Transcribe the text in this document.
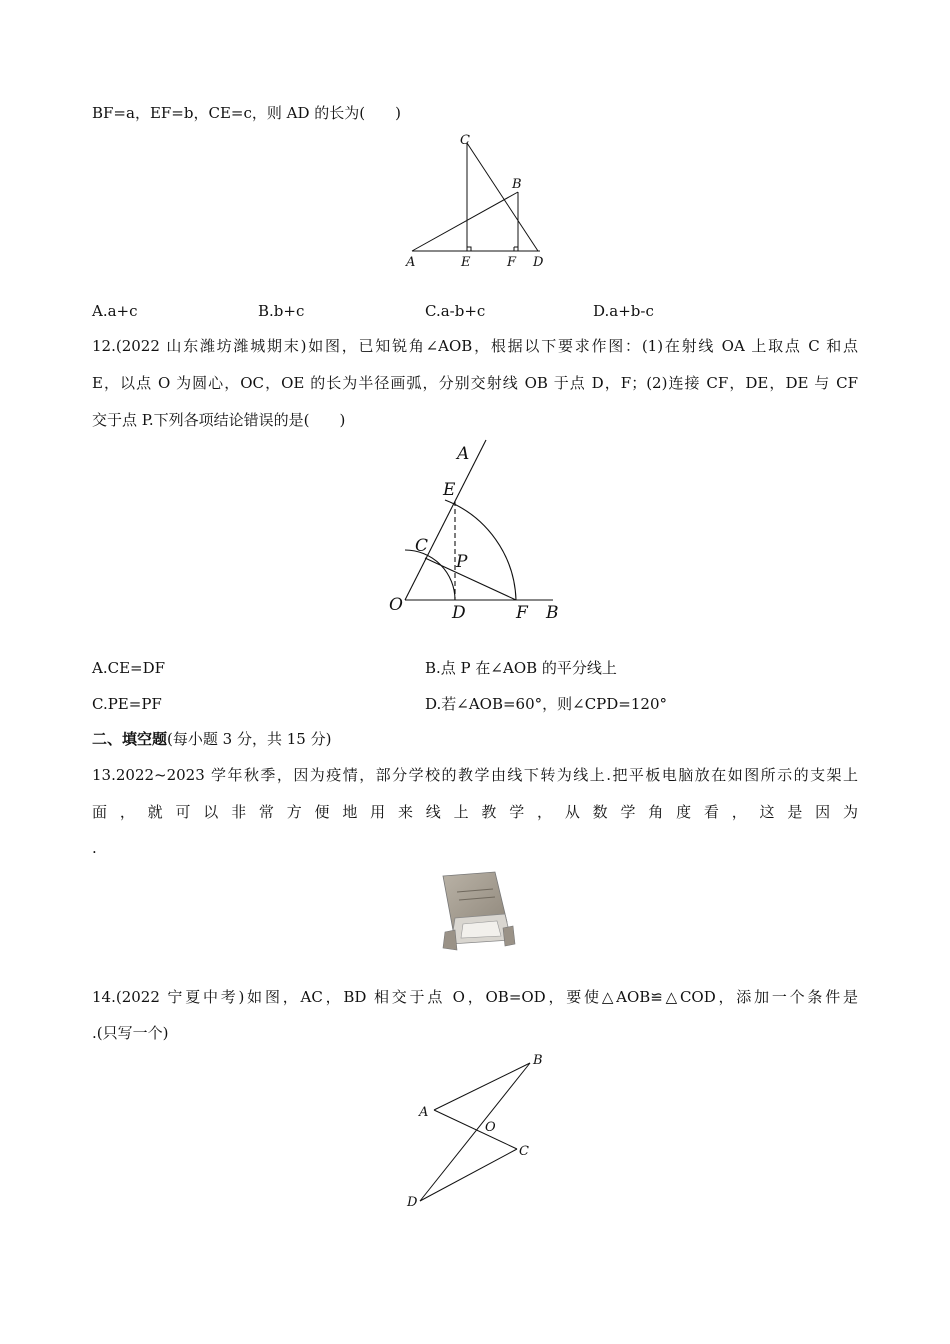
BF=a，EF=b，CE=c，则 AD 的长为(　　)
C
B
A	E	F D
A.a+c	B.b+c	C.a-b+c	D.a+b-c
12.(2022 山东潍坊潍城期末)如图，已知锐角∠AOB，根据以下要求作图：(1)在射线 OA 上取点 C 和点
E，以点 O 为圆心，OC，OE 的长为半径画弧，分别交射线 OB 于点 D，F；(2)连接 CF，DE，DE 与 CF
交于点 P.下列各项结论错误的是(　　)
A
E
C
P
O	D	F B
A.CE=DF	B.点 P 在∠AOB 的平分线上
C.PE=PF	D.若∠AOB=60°，则∠CPD=120°
二、填空题(每小题 3 分，共 15 分)
13.2022~2023 学年秋季，因为疫情，部分学校的教学由线下转为线上.把平板电脑放在如图所示的支架上
面，就可以非常方便地用来线上教学，从数学角度看，这是因为
.
14.(2022 宁夏中考)如图，AC，BD 相交于点 O，OB=OD，要使△AOB≌△COD，添加一个条件是
.(只写一个)
B
A
O
C
D
